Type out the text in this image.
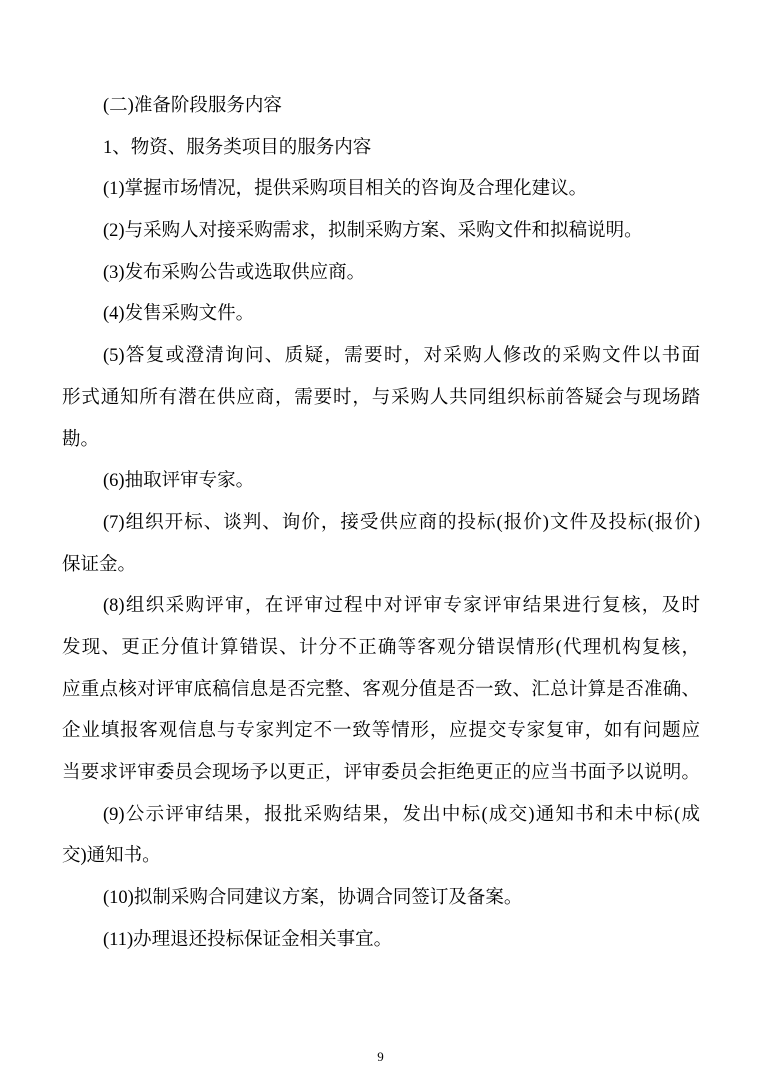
(二)准备阶段服务内容
1、物资、服务类项目的服务内容
(1)掌握市场情况，提供采购项目相关的咨询及合理化建议。
(2)与采购人对接采购需求，拟制采购方案、采购文件和拟稿说明。
(3)发布采购公告或选取供应商。
(4)发售采购文件。
(5)答复或澄清询问、质疑，需要时，对采购人修改的采购文件以书面
形式通知所有潜在供应商，需要时，与采购人共同组织标前答疑会与现场踏
勘。
(6)抽取评审专家。
(7)组织开标、谈判、询价，接受供应商的投标(报价)文件及投标(报价)
保证金。
(8)组织采购评审，在评审过程中对评审专家评审结果进行复核，及时
发现、更正分值计算错误、计分不正确等客观分错误情形(代理机构复核，
应重点核对评审底稿信息是否完整、客观分值是否一致、汇总计算是否准确、
企业填报客观信息与专家判定不一致等情形，应提交专家复审，如有问题应
当要求评审委员会现场予以更正，评审委员会拒绝更正的应当书面予以说明。
(9)公示评审结果，报批采购结果，发出中标(成交)通知书和未中标(成
交)通知书。
(10)拟制采购合同建议方案，协调合同签订及备案。
(11)办理退还投标保证金相关事宜。
9
